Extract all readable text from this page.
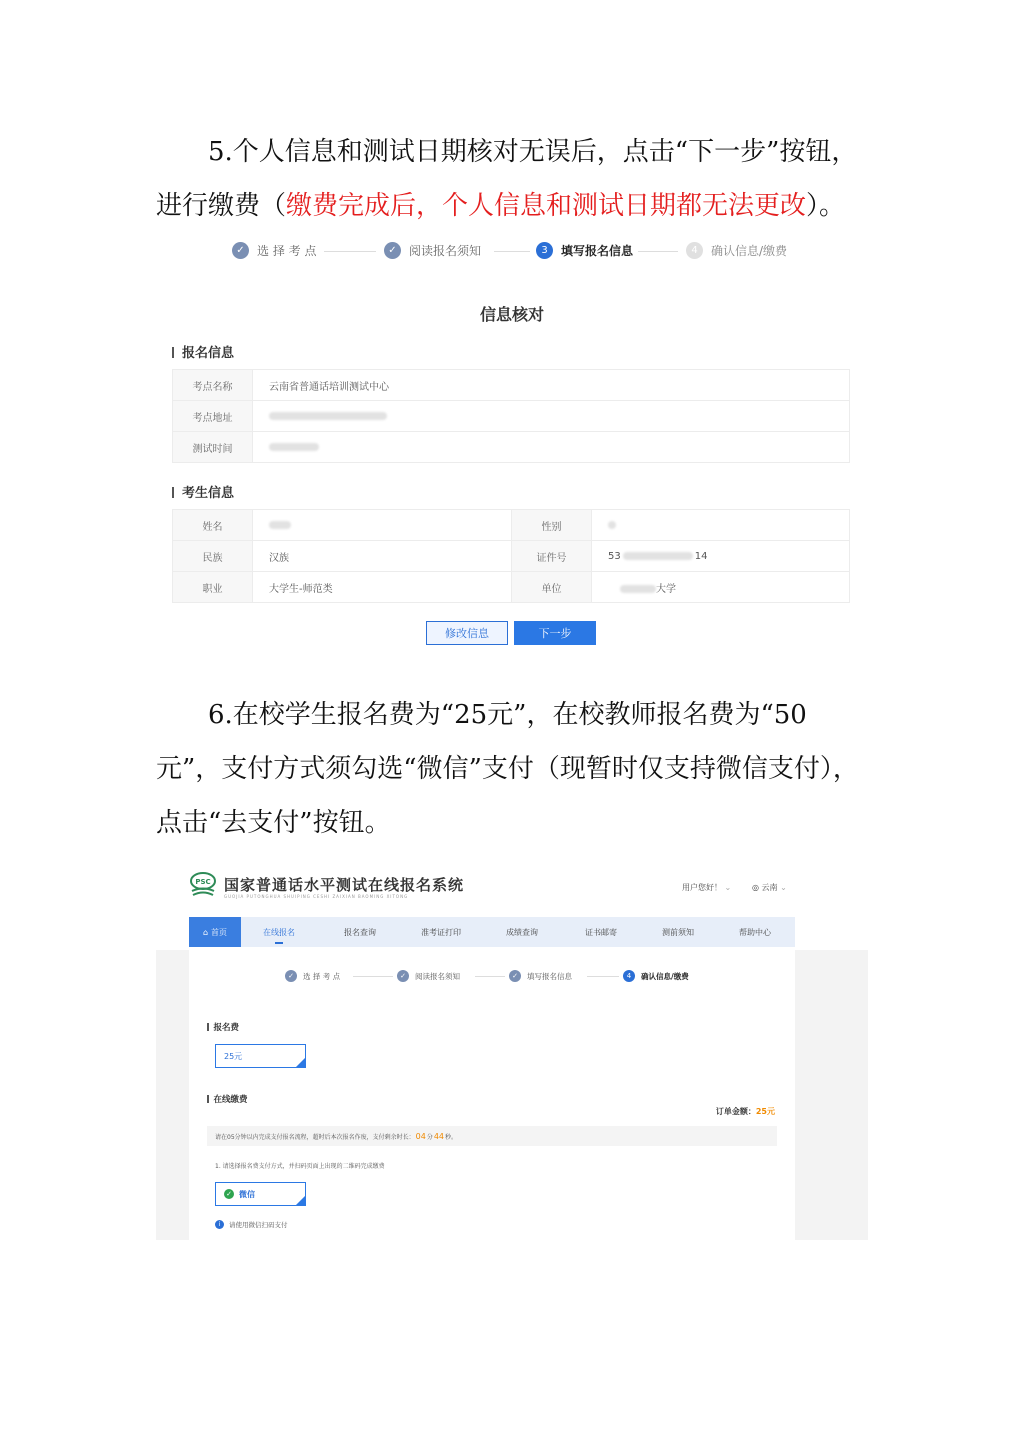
5.个人信息和测试日期核对无误后，点击“下一步”按钮，进行缴费（缴费完成后，个人信息和测试日期都无法更改）。
✓	选 择 考 点	✓	阅读报名须知	3	填写报名信息	4	确认信息/缴费
信息核对
报名信息
考点名称	云南省普通话培训测试中心
考点地址	
测试时间	
考生信息
姓名		性别	
民族	汉族	证件号	53 14
职业	大学生-师范类	单位	大学
修改信息	下一步
6.在校学生报名费为“25元”，在校教师报名费为“50元”，支付方式须勾选“微信”支付（现暂时仅支持微信支付），点击“去支付”按钮。
PSC 国家普通话水平测试在线报名系统
GUOJIA PUTONGHUA SHUIPING CESHI ZAIXIAN BAOMING XITONG
用户您好！ ⌄	◎ 云南 ⌄
⌂ 首页	在线报名	报名查询	准考证打印	成绩查询	证书邮寄	测前须知	帮助中心
✓	选 择 考 点	✓	阅读报名须知	✓	填写报名信息	4	确认信息/缴费
报名费
25元
在线缴费
订单金额：25元
请在05分钟以内完成支付报名流程，超时后本次报名作废，支付剩余时长： 04 分 44 秒。
1. 请选择报名费支付方式，并扫码页面上出现的二维码完成缴费
✓ 微信
i	请使用微信扫码支付
